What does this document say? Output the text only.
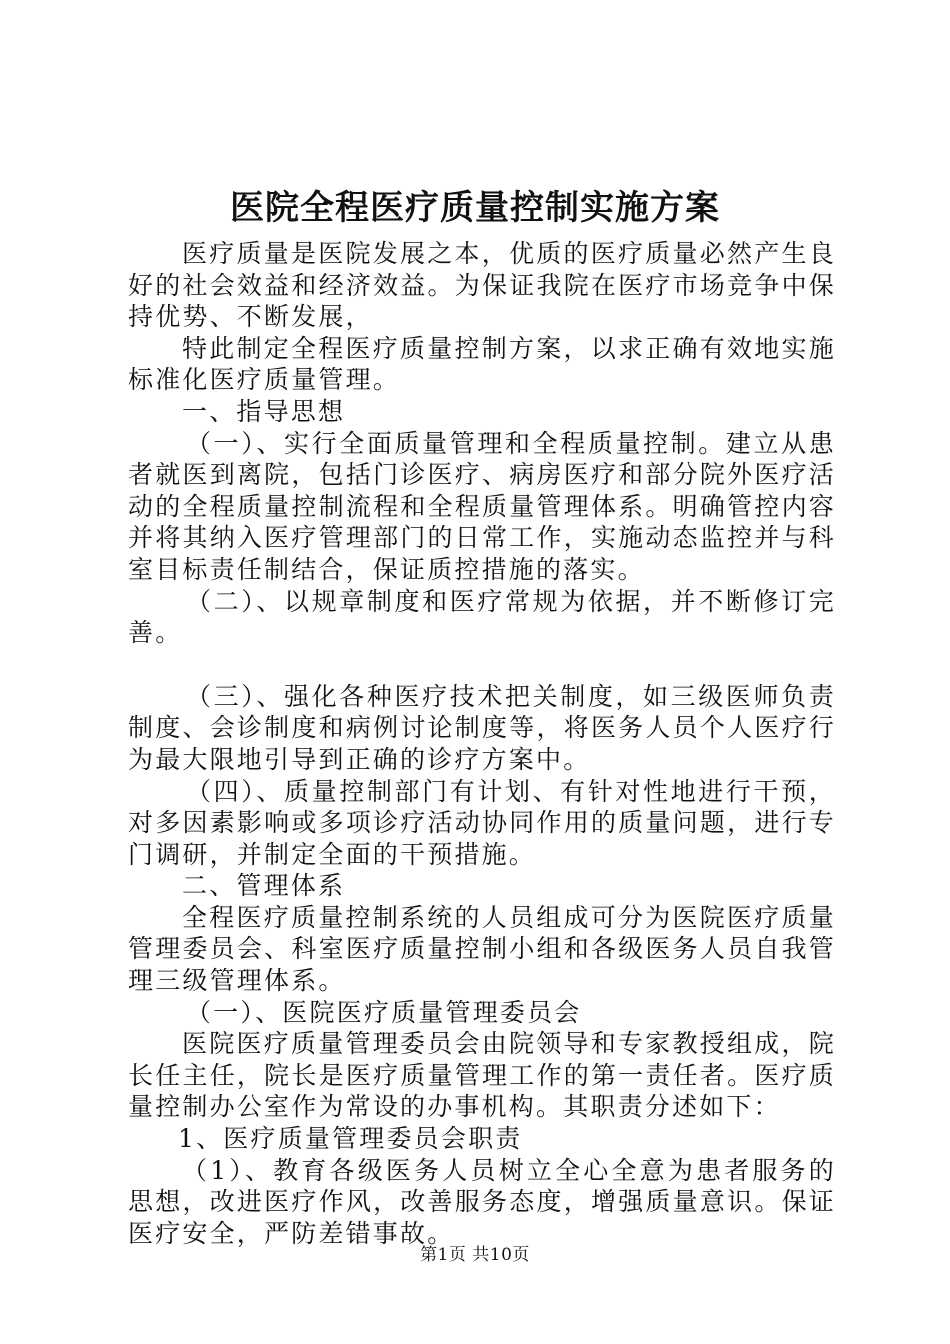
医院全程医疗质量控制实施方案

医疗质量是医院发展之本，优质的医疗质量必然产生良好的社会效益和经济效益。为保证我院在医疗市场竞争中保持优势、不断发展，

特此制定全程医疗质量控制方案，以求正确有效地实施标准化医疗质量管理。

一、指导思想

（一）、实行全面质量管理和全程质量控制。建立从患者就医到离院，包括门诊医疗、病房医疗和部分院外医疗活动的全程质量控制流程和全程质量管理体系。明确管控内容并将其纳入医疗管理部门的日常工作，实施动态监控并与科室目标责任制结合，保证质控措施的落实。

（二）、以规章制度和医疗常规为依据，并不断修订完善。

（三）、强化各种医疗技术把关制度，如三级医师负责制度、会诊制度和病例讨论制度等，将医务人员个人医疗行为最大限地引导到正确的诊疗方案中。

（四）、质量控制部门有计划、有针对性地进行干预，对多因素影响或多项诊疗活动协同作用的质量问题，进行专门调研，并制定全面的干预措施。

二、管理体系

全程医疗质量控制系统的人员组成可分为医院医疗质量管理委员会、科室医疗质量控制小组和各级医务人员自我管理三级管理体系。

（一）、医院医疗质量管理委员会

医院医疗质量管理委员会由院领导和专家教授组成，院长任主任，院长是医疗质量管理工作的第一责任者。医疗质量控制办公室作为常设的办事机构。其职责分述如下：

1、医疗质量管理委员会职责

（1）、教育各级医务人员树立全心全意为患者服务的思想，改进医疗作风，改善服务态度，增强质量意识。保证医疗安全，严防差错事故。

第1页 共10页
